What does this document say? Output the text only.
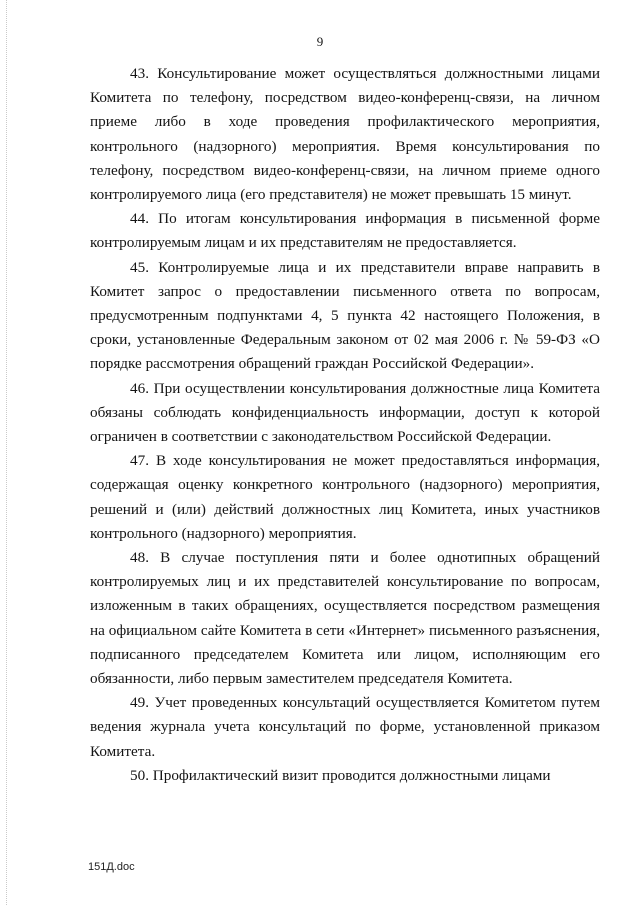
9

43. Консультирование может осуществляться должностными лицами Комитета по телефону, посредством видео-конференц-связи, на личном приеме либо в ходе проведения профилактического мероприятия, контрольного (надзорного) мероприятия. Время консультирования по телефону, посредством видео-конференц-связи, на личном приеме одного контролируемого лица (его представителя) не может превышать 15 минут.

44. По итогам консультирования информация в письменной форме контролируемым лицам и их представителям не предоставляется.

45. Контролируемые лица и их представители вправе направить в Комитет запрос о предоставлении письменного ответа по вопросам, предусмотренным подпунктами 4, 5 пункта 42 настоящего Положения, в сроки, установленные Федеральным законом от 02 мая 2006 г. № 59-ФЗ «О порядке рассмотрения обращений граждан Российской Федерации».

46. При осуществлении консультирования должностные лица Комитета обязаны соблюдать конфиденциальность информации, доступ к которой ограничен в соответствии с законодательством Российской Федерации.

47. В ходе консультирования не может предоставляться информация, содержащая оценку конкретного контрольного (надзорного) мероприятия, решений и (или) действий должностных лиц Комитета, иных участников контрольного (надзорного) мероприятия.

48. В случае поступления пяти и более однотипных обращений контролируемых лиц и их представителей консультирование по вопросам, изложенным в таких обращениях, осуществляется посредством размещения на официальном сайте Комитета в сети «Интернет» письменного разъяснения, подписанного председателем Комитета или лицом, исполняющим его обязанности, либо первым заместителем председателя Комитета.

49. Учет проведенных консультаций осуществляется Комитетом путем ведения журнала учета консультаций по форме, установленной приказом Комитета.

50. Профилактический визит проводится должностными лицами

151Д.doc
